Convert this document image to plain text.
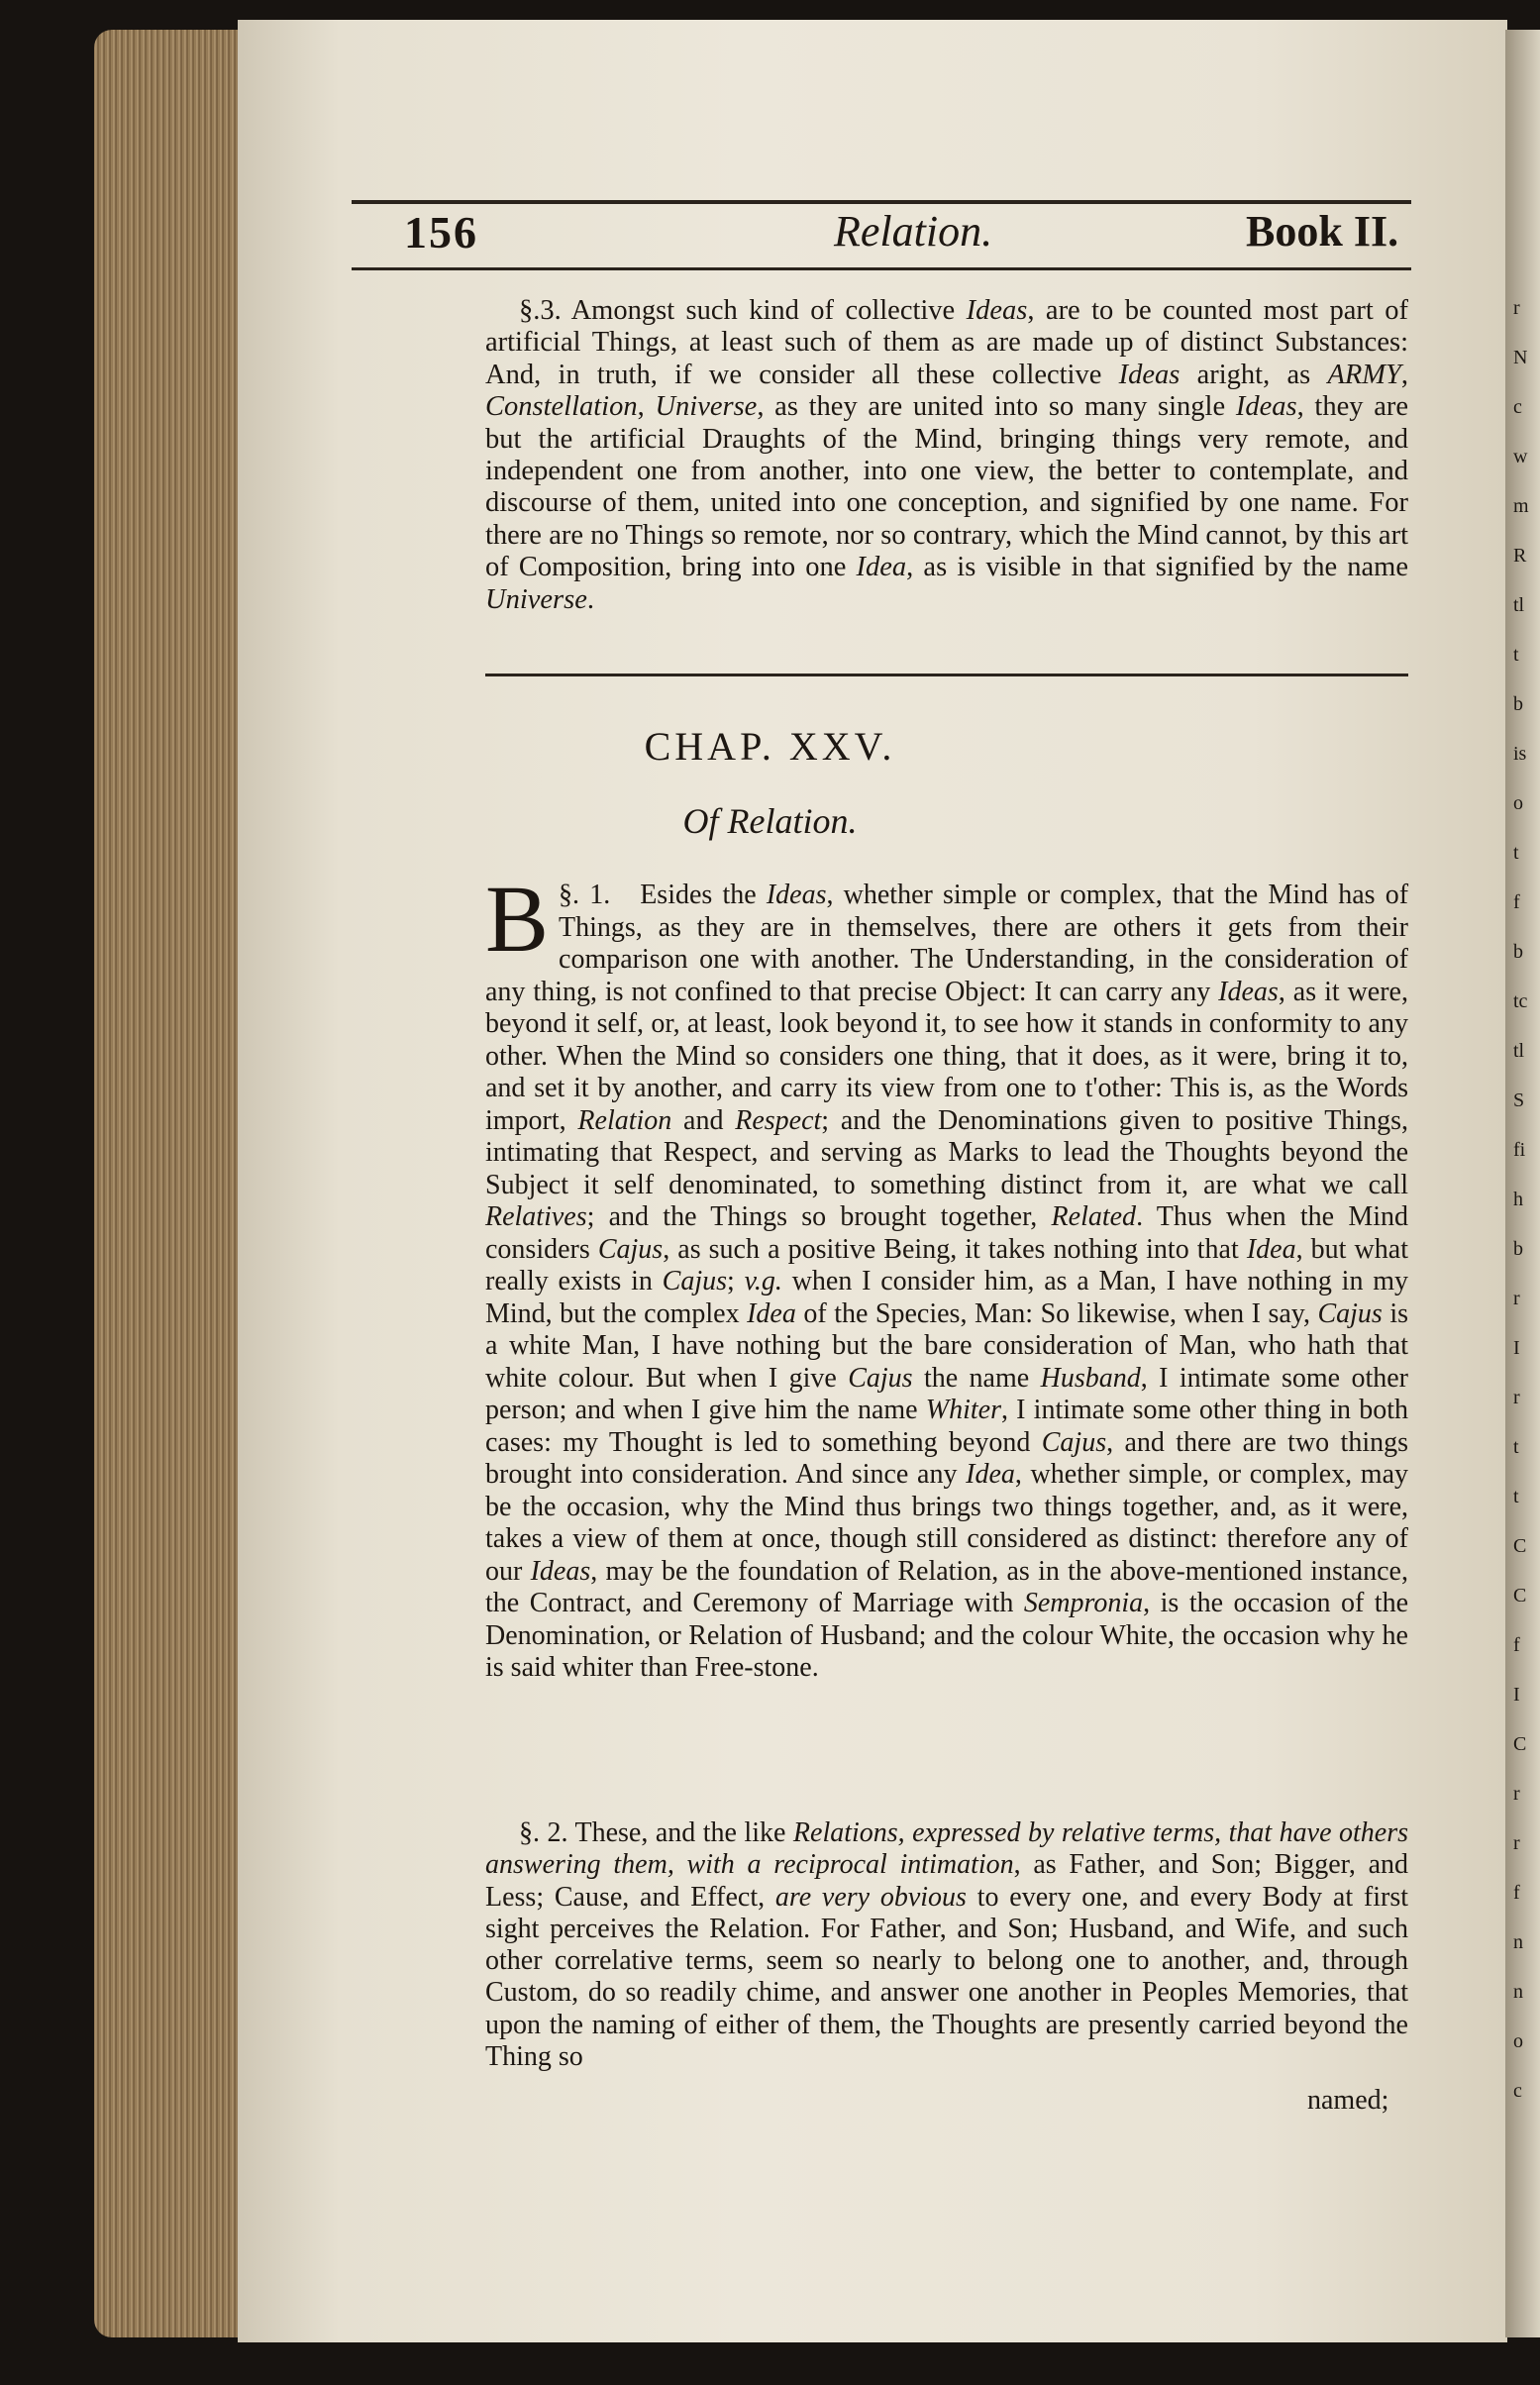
156	Relation.	Book II.
§.3. Amongst such kind of collective Ideas, are to be counted most part of artificial Things, at least such of them as are made up of distinct Substances: And, in truth, if we consider all these collective Ideas aright, as ARMY, Constellation, Universe, as they are united into so many single Ideas, they are but the artificial Draughts of the Mind, bringing things very remote, and independent one from another, into one view, the better to contemplate, and discourse of them, united into one conception, and signified by one name. For there are no Things so remote, nor so contrary, which the Mind cannot, by this art of Composition, bring into one Idea, as is visible in that signified by the name Universe.
CHAP. XXV.
Of Relation.
§. 1.
B	Esides the Ideas, whether simple or complex, that the Mind has of Things, as they are in themselves, there are others it gets from their comparison one with another. The Understanding, in the consideration of any thing, is not confined to that precise Object: It can carry any Ideas, as it were, beyond it self, or, at least, look beyond it, to see how it stands in conformity to any other. When the Mind so considers one thing, that it does, as it were, bring it to, and set it by another, and carry its view from one to t'other: This is, as the Words import, Relation and Respect; and the Denominations given to positive Things, intimating that Respect, and serving as Marks to lead the Thoughts beyond the Subject it self denominated, to something distinct from it, are what we call Relatives; and the Things so brought together, Related. Thus when the Mind considers Cajus, as such a positive Being, it takes nothing into that Idea, but what really exists in Cajus; v.g. when I consider him, as a Man, I have nothing in my Mind, but the complex Idea of the Species, Man: So likewise, when I say, Cajus is a white Man, I have nothing but the bare consideration of Man, who hath that white colour. But when I give Cajus the name Husband, I intimate some other person; and when I give him the name Whiter, I intimate some other thing in both cases: my Thought is led to something beyond Cajus, and there are two things brought into consideration. And since any Idea, whether simple, or complex, may be the occasion, why the Mind thus brings two things together, and, as it were, takes a view of them at once, though still considered as distinct: therefore any of our Ideas, may be the foundation of Relation, as in the above-mentioned instance, the Contract, and Ceremony of Marriage with Sempronia, is the occasion of the Denomination, or Relation of Husband; and the colour White, the occasion why he is said whiter than Free-stone.
§. 2. These, and the like Relations, expressed by relative terms, that have others answering them, with a reciprocal intimation, as Father, and Son; Bigger, and Less; Cause, and Effect, are very obvious to every one, and every Body at first sight perceives the Relation. For Father, and Son; Husband, and Wife, and such other correlative terms, seem so nearly to belong one to another, and, through Custom, do so readily chime, and answer one another in Peoples Memories, that upon the naming of either of them, the Thoughts are presently carried beyond the Thing so
named;
r
N
c
w
m
R
tl
t
b
is
o
t
f
b
tc
tl
S
fi
h
b
r
I
r
t
t
C
C
f
I
C
r
r
f
n
n
o
c
